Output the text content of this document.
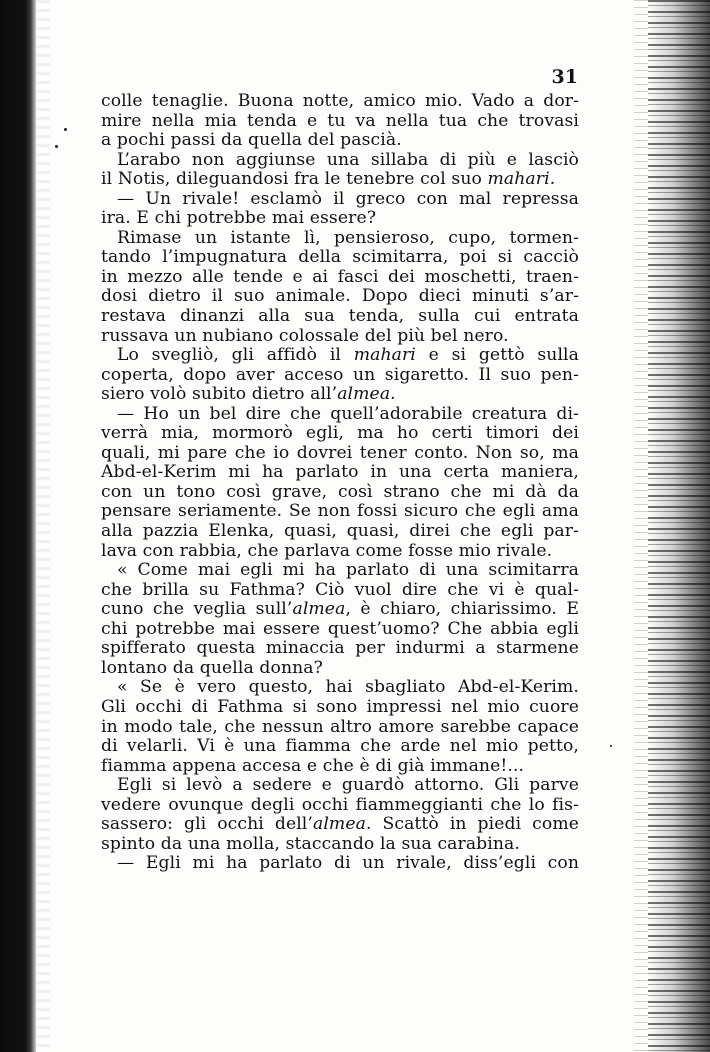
31
colle tenaglie. Buona notte, amico mio. Vado a dor-
mire nella mia tenda e tu va nella tua che trovasi
a pochi passi da quella del pascià.
L’arabo non aggiunse una sillaba di più e lasciò
il Notis, dileguandosi fra le tenebre col suo mahari.
— Un rivale! esclamò il greco con mal repressa
ira. E chi potrebbe mai essere?
Rimase un istante lì, pensieroso, cupo, tormen-
tando l’impugnatura della scimitarra, poi si cacciò
in mezzo alle tende e ai fasci dei moschetti, traen-
dosi dietro il suo animale. Dopo dieci minuti s’ar-
restava dinanzi alla sua tenda, sulla cui entrata
russava un nubiano colossale del più bel nero.
Lo svegliò, gli affidò il mahari e si gettò sulla
coperta, dopo aver acceso un sigaretto. Il suo pen-
siero volò subito dietro all’almea.
— Ho un bel dire che quell’adorabile creatura di-
verrà mia, mormorò egli, ma ho certi timori dei
quali, mi pare che io dovrei tener conto. Non so, ma
Abd-el-Kerim mi ha parlato in una certa maniera,
con un tono così grave, così strano che mi dà da
pensare seriamente. Se non fossi sicuro che egli ama
alla pazzia Elenka, quasi, quasi, direi che egli par-
lava con rabbia, che parlava come fosse mio rivale.
« Come mai egli mi ha parlato di una scimitarra
che brilla su Fathma? Ciò vuol dire che vi è qual-
cuno che veglia sull’almea, è chiaro, chiarissimo. E
chi potrebbe mai essere quest’uomo? Che abbia egli
spifferato questa minaccia per indurmi a starmene
lontano da quella donna?
« Se è vero questo, hai sbagliato Abd-el-Kerim.
Gli occhi di Fathma si sono impressi nel mio cuore
in modo tale, che nessun altro amore sarebbe capace
di velarli. Vi è una fiamma che arde nel mio petto,
fiamma appena accesa e che è di già immane!...
Egli si levò a sedere e guardò attorno. Gli parve
vedere ovunque degli occhi fiammeggianti che lo fis-
sassero: gli occhi dell’almea. Scattò in piedi come
spinto da una molla, staccando la sua carabina.
— Egli mi ha parlato di un rivale, diss’egli con
